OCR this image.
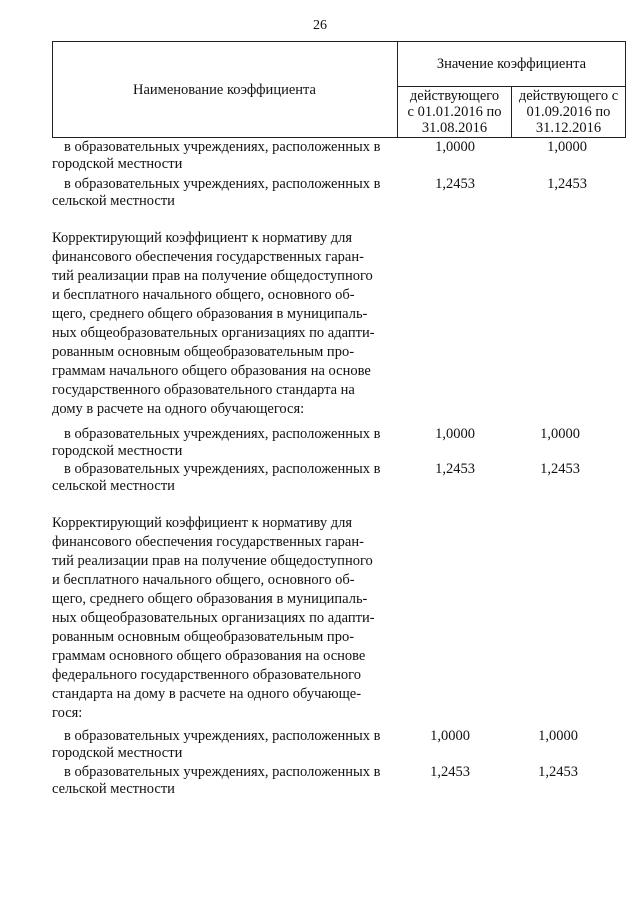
26
Наименование коэффициента
Значение коэффициента
действующего
с 01.01.2016 по
31.08.2016
действующего с
01.09.2016 по
31.12.2016
в образовательных учреждениях, расположенных в
городской местности
1,0000	1,0000
в образовательных учреждениях, расположенных в
сельской местности
1,2453	1,2453
Корректирующий коэффициент к нормативу для
финансового обеспечения государственных гаран-
тий реализации прав на получение общедоступного
и бесплатного начального общего, основного об-
щего, среднего общего образования в муниципаль-
ных общеобразовательных организациях по адапти-
рованным основным общеобразовательным про-
граммам начального общего образования на основе
государственного образовательного стандарта на
дому в расчете на одного обучающегося:
в образовательных учреждениях, расположенных в
городской местности
1,0000	1,0000
в образовательных учреждениях, расположенных в
сельской местности
1,2453	1,2453
Корректирующий коэффициент к нормативу для
финансового обеспечения государственных гаран-
тий реализации прав на получение общедоступного
и бесплатного начального общего, основного об-
щего, среднего общего образования в муниципаль-
ных общеобразовательных организациях по адапти-
рованным основным общеобразовательным про-
граммам основного общего образования на основе
федерального государственного образовательного
стандарта на дому в расчете на одного обучающе-
гося:
в образовательных учреждениях, расположенных в
городской местности
1,0000	1,0000
в образовательных учреждениях, расположенных в
сельской местности
1,2453	1,2453
